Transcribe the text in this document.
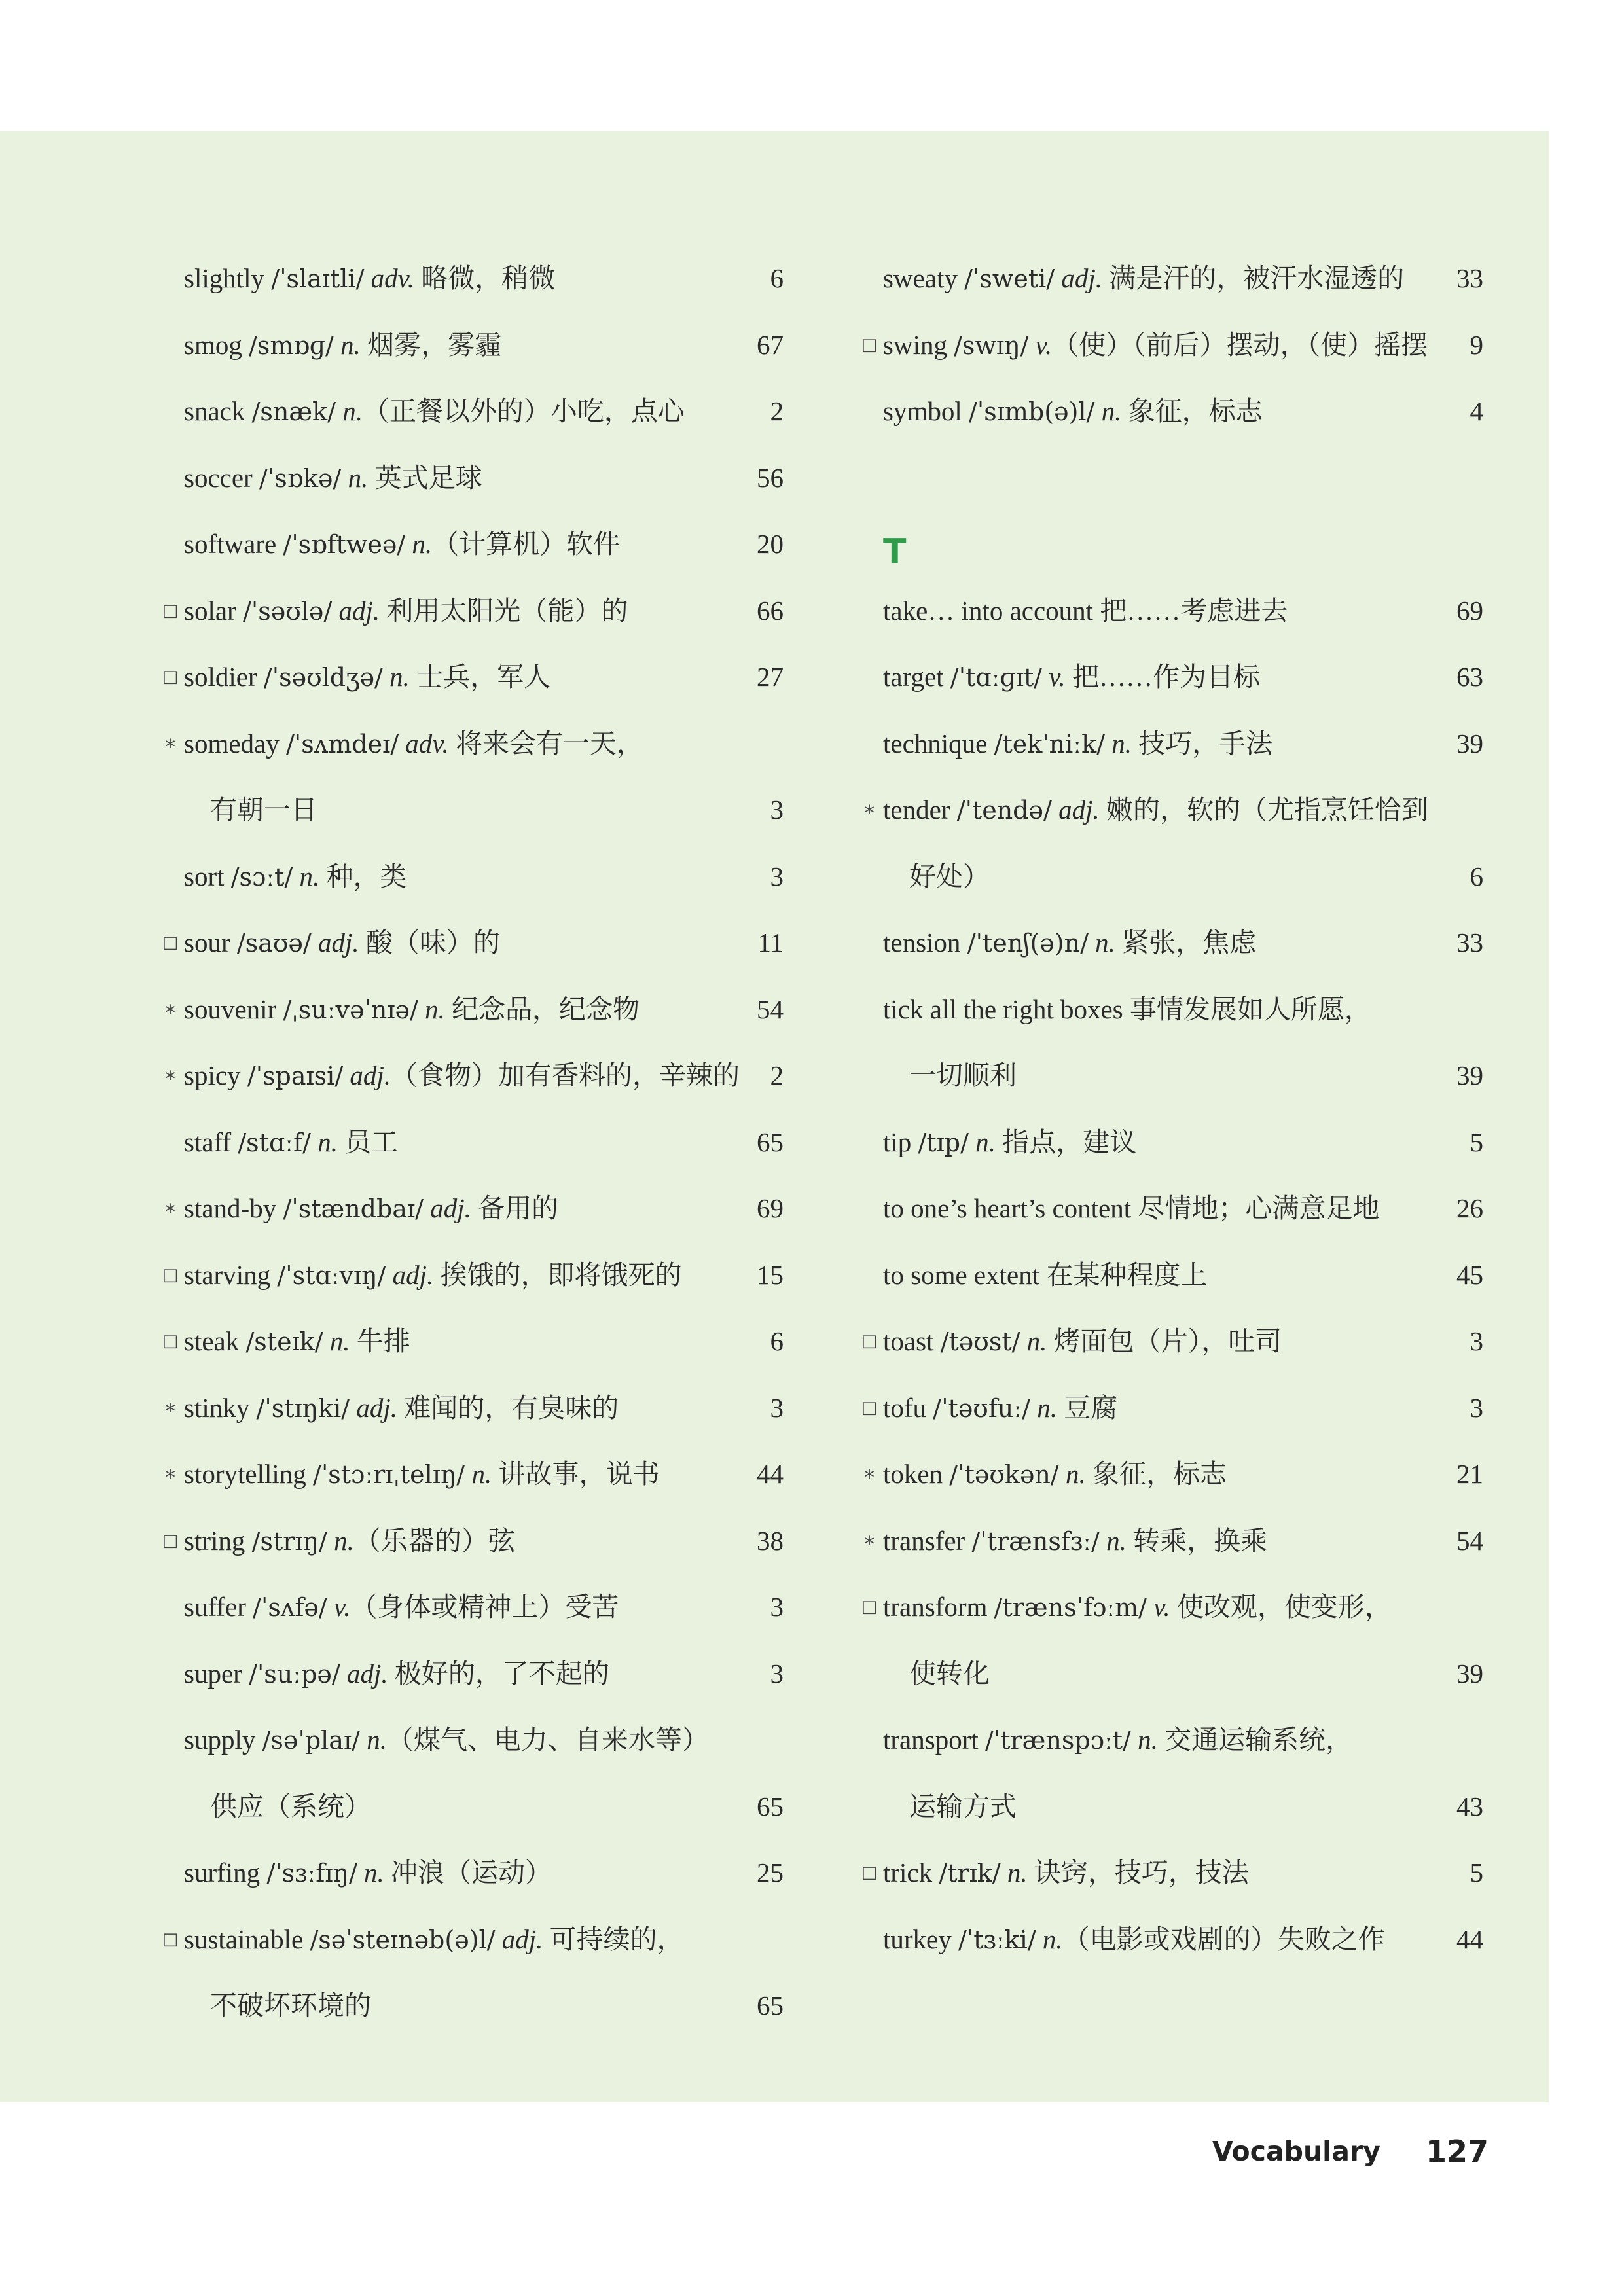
slightly /ˈslaɪtli/ adv. 略微，稍微	6
smog /smɒɡ/ n. 烟雾，雾霾	67
snack /snæk/ n.（正餐以外的）小吃，点心	2
soccer /ˈsɒkə/ n. 英式足球	56
software /ˈsɒftweə/ n.（计算机）软件	20
□ solar /ˈsəʊlə/ adj. 利用太阳光（能）的	66
□ soldier /ˈsəʊldʒə/ n. 士兵，军人	27
* someday /ˈsʌmdeɪ/ adv. 将来会有一天，
有朝一日	3
sort /sɔːt/ n. 种，类	3
□ sour /saʊə/ adj. 酸（味）的	11
* souvenir /ˌsuːvəˈnɪə/ n. 纪念品，纪念物	54
* spicy /ˈspaɪsi/ adj.（食物）加有香料的，辛辣的 2
staff /stɑːf/ n. 员工	65
* stand-by /ˈstændbaɪ/ adj. 备用的	69
□ starving /ˈstɑːvɪŋ/ adj. 挨饿的，即将饿死的	15
□ steak /steɪk/ n. 牛排	6
* stinky /ˈstɪŋki/ adj. 难闻的，有臭味的	3
* storytelling /ˈstɔːrɪˌtelɪŋ/ n. 讲故事，说书	44
□ string /strɪŋ/ n.（乐器的）弦	38
suffer /ˈsʌfə/ v.（身体或精神上）受苦	3
super /ˈsuːpə/ adj. 极好的，了不起的	3
supply /səˈplaɪ/ n.（煤气、电力、自来水等）
供应（系统）	65
surfing /ˈsɜːfɪŋ/ n. 冲浪（运动）	25
□ sustainable /səˈsteɪnəb(ə)l/ adj. 可持续的，
不破坏环境的	65
sweaty /ˈsweti/ adj. 满是汗的，被汗水湿透的 33
□ swing /swɪŋ/ v.（使）（前后）摆动，（使）摇摆 9
symbol /ˈsɪmb(ə)l/ n. 象征，标志	4
T
take… into account 把……考虑进去	69
target /ˈtɑːɡɪt/ v. 把……作为目标	63
technique /tekˈniːk/ n. 技巧，手法	39
* tender /ˈtendə/ adj. 嫩的，软的（尤指烹饪恰到
好处）	6
tension /ˈtenʃ(ə)n/ n. 紧张，焦虑	33
tick all the right boxes 事情发展如人所愿，
一切顺利	39
tip /tɪp/ n. 指点，建议	5
to one’s heart’s content 尽情地；心满意足地	26
to some extent 在某种程度上	45
□ toast /təʊst/ n. 烤面包（片），吐司	3
□ tofu /ˈtəʊfuː/ n. 豆腐	3
* token /ˈtəʊkən/ n. 象征，标志	21
* transfer /ˈtrænsfɜː/ n. 转乘，换乘	54
□ transform /trænsˈfɔːm/ v. 使改观，使变形，
使转化	39
transport /ˈtrænspɔːt/ n. 交通运输系统，
运输方式	43
□ trick /trɪk/ n. 诀窍，技巧，技法	5
turkey /ˈtɜːki/ n.（电影或戏剧的）失败之作	44
Vocabulary 127
